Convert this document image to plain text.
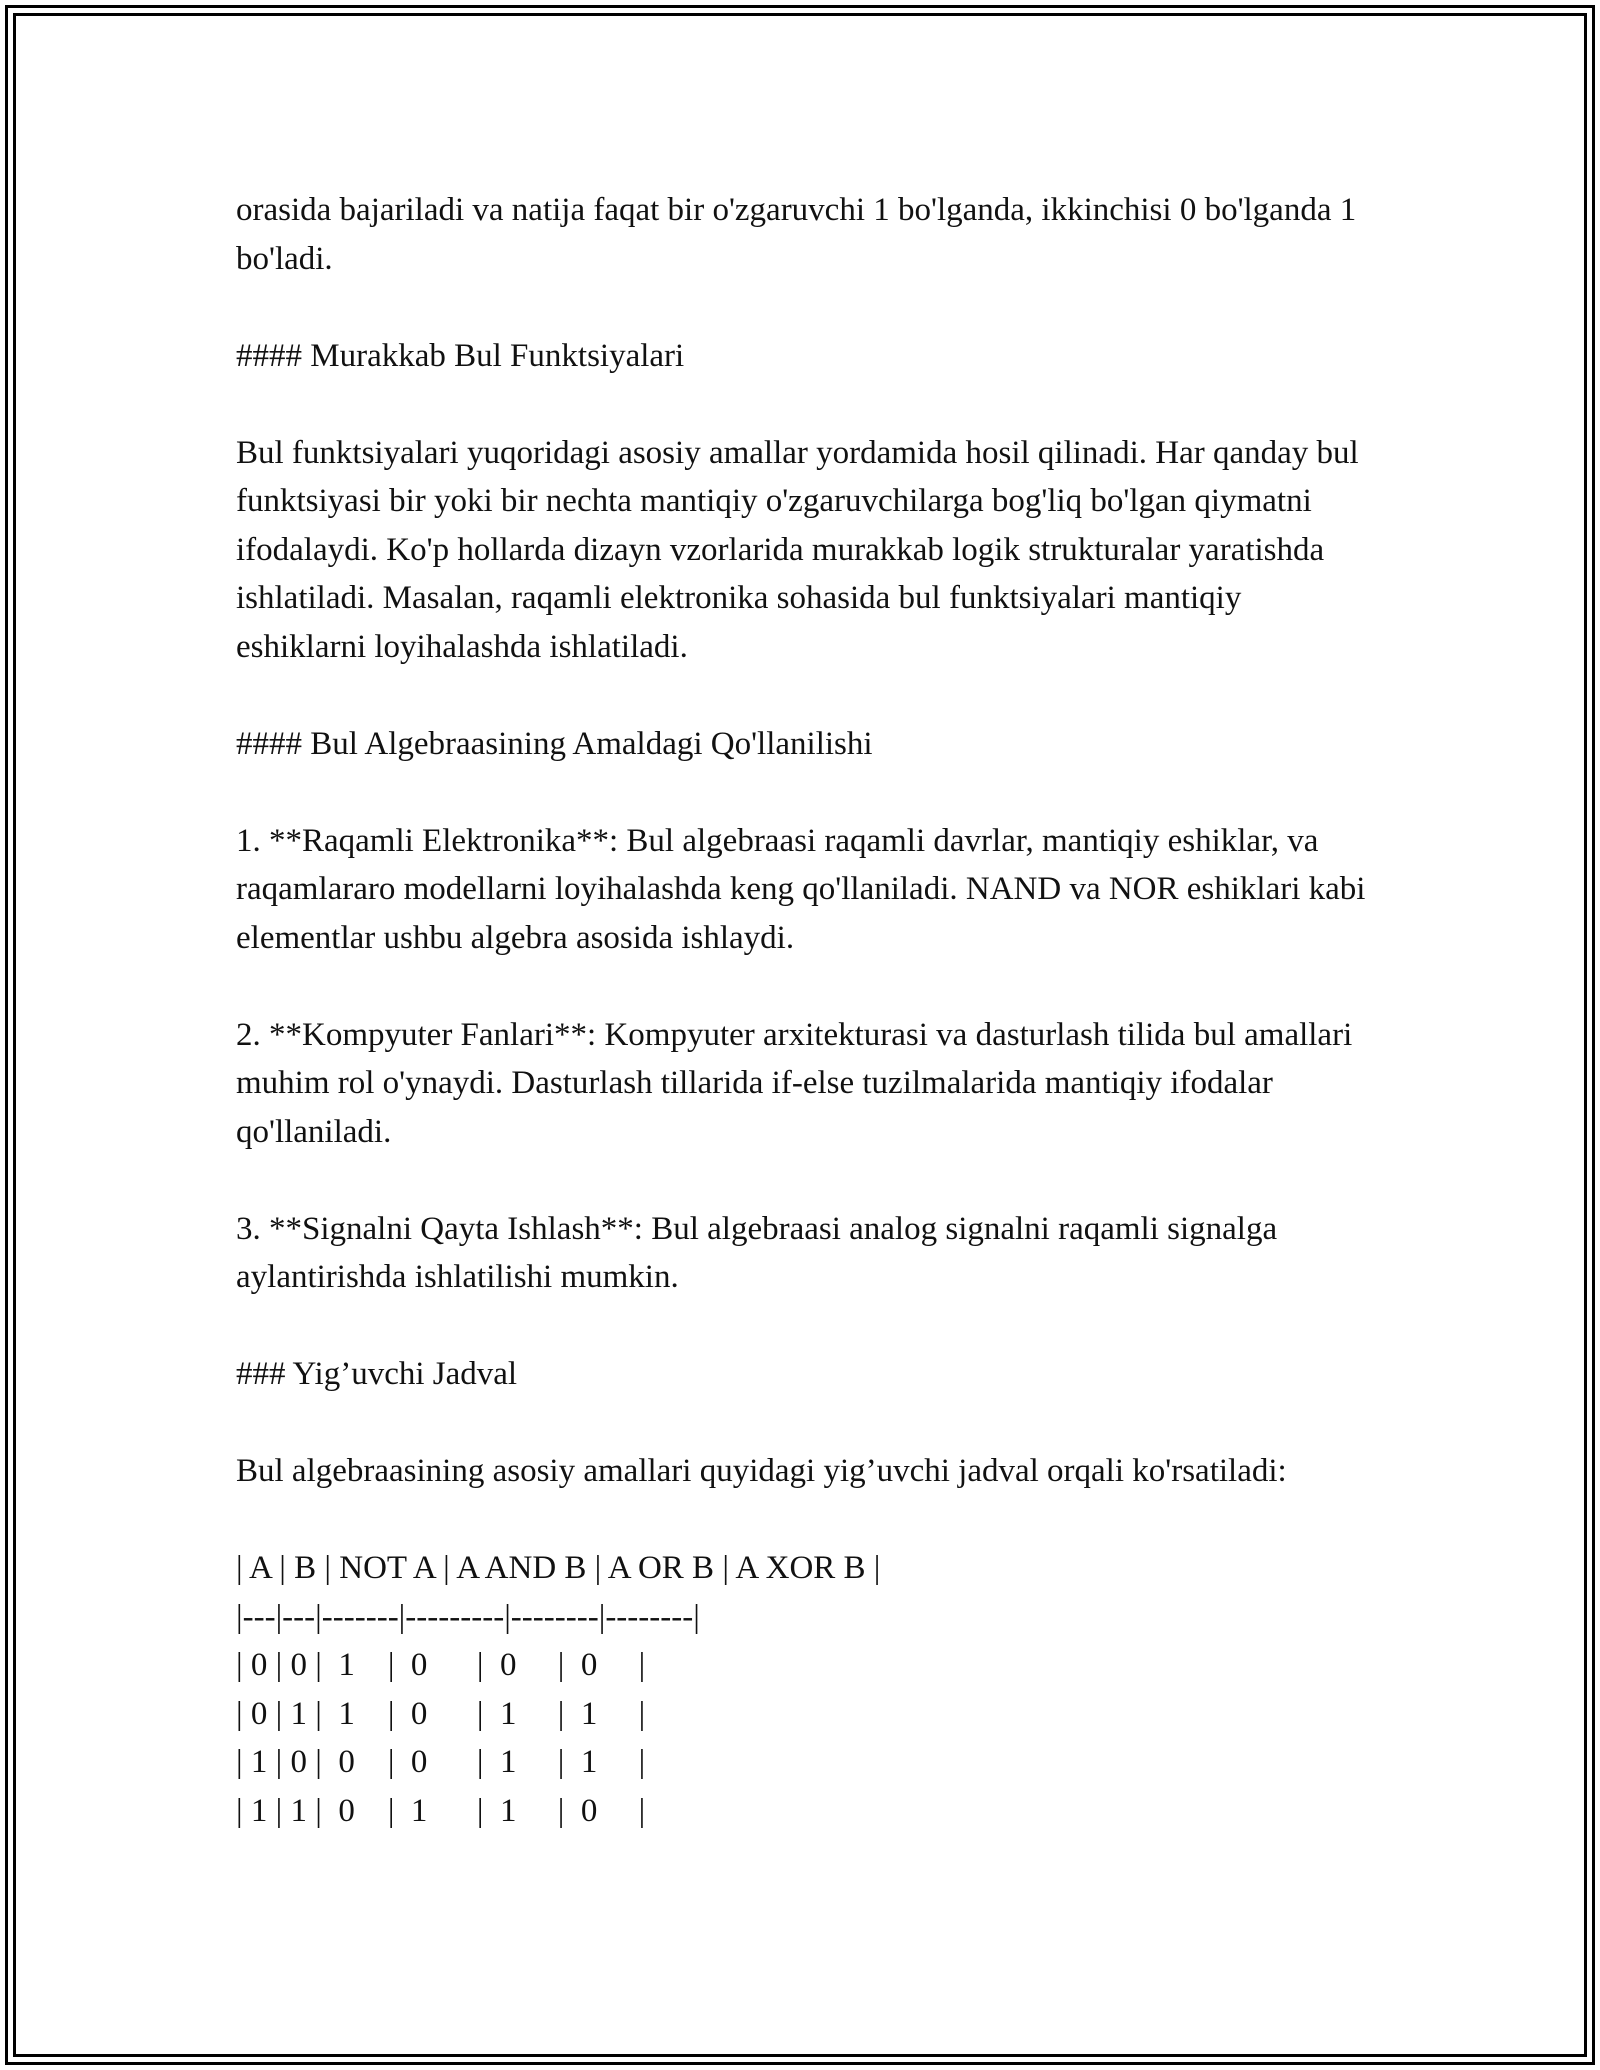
orasida bajariladi va natija faqat bir o'zgaruvchi 1 bo'lganda, ikkinchisi 0 bo'lganda 1 bo'ladi.

#### Murakkab Bul Funktsiyalari

Bul funktsiyalari yuqoridagi asosiy amallar yordamida hosil qilinadi. Har qanday bul funktsiyasi bir yoki bir nechta mantiqiy o'zgaruvchilarga bog'liq bo'lgan qiymatni ifodalaydi. Ko'p hollarda dizayn vzorlarida murakkab logik strukturalar yaratishda ishlatiladi. Masalan, raqamli elektronika sohasida bul funktsiyalari mantiqiy eshiklarni loyihalashda ishlatiladi.

#### Bul Algebraasining Amaldagi Qo'llanilishi

1. **Raqamli Elektronika**: Bul algebraasi raqamli davrlar, mantiqiy eshiklar, va raqamlararo modellarni loyihalashda keng qo'llaniladi. NAND va NOR eshiklari kabi elementlar ushbu algebra asosida ishlaydi.

2. **Kompyuter Fanlari**: Kompyuter arxitekturasi va dasturlash tilida bul amallari muhim rol o'ynaydi. Dasturlash tillarida if-else tuzilmalarida mantiqiy ifodalar qo'llaniladi.

3. **Signalni Qayta Ishlash**: Bul algebraasi analog signalni raqamli signalga aylantirishda ishlatilishi mumkin.

### Yig’uvchi Jadval

Bul algebraasining asosiy amallari quyidagi yig’uvchi jadval orqali ko'rsatiladi:

| A | B | NOT A | A AND B | A OR B | A XOR B |
|---|---|-------|---------|--------|--------|
| 0 | 0 |  1    |  0      |  0     |  0     |
| 0 | 1 |  1    |  0      |  1     |  1     |
| 1 | 0 |  0    |  0      |  1     |  1     |
| 1 | 1 |  0    |  1      |  1     |  0     |
